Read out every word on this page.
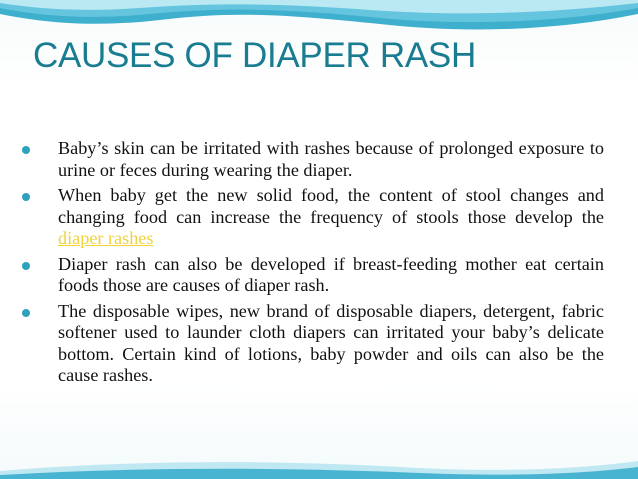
CAUSES OF DIAPER RASH
Baby’s skin can be irritated with rashes because of prolonged exposure to urine or feces during wearing the diaper.
When baby get the new solid food, the content of stool changes and changing food can increase the frequency of stools those develop the diaper rashes
Diaper rash can also be developed if breast-feeding mother eat certain foods those are causes of diaper rash.
The disposable wipes, new brand of disposable diapers, detergent, fabric softener used to launder cloth diapers can irritated your baby’s delicate bottom. Certain kind of lotions, baby powder and oils can also be the cause rashes.
